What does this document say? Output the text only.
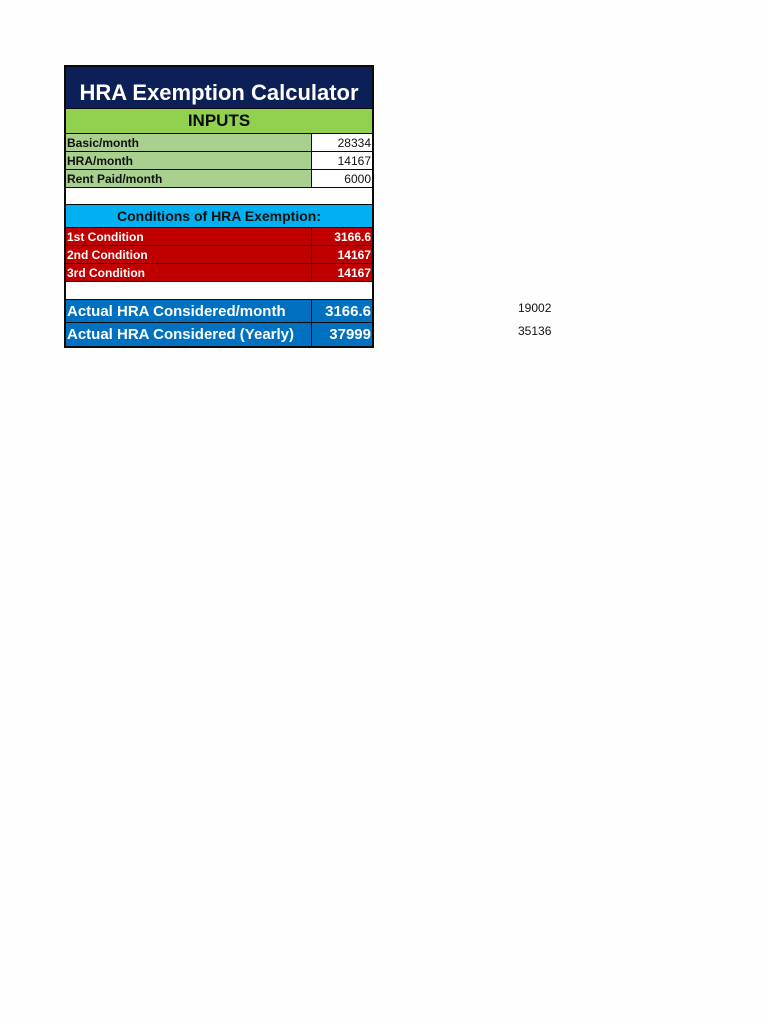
HRA Exemption Calculator
INPUTS
Basic/month	28334
HRA/month	14167
Rent Paid/month	6000
Conditions of HRA Exemption:
1st Condition	3166.6
2nd Condition	14167
3rd Condition	14167
Actual HRA Considered/month	3166.6
Actual HRA Considered (Yearly)	37999
19002
35136
